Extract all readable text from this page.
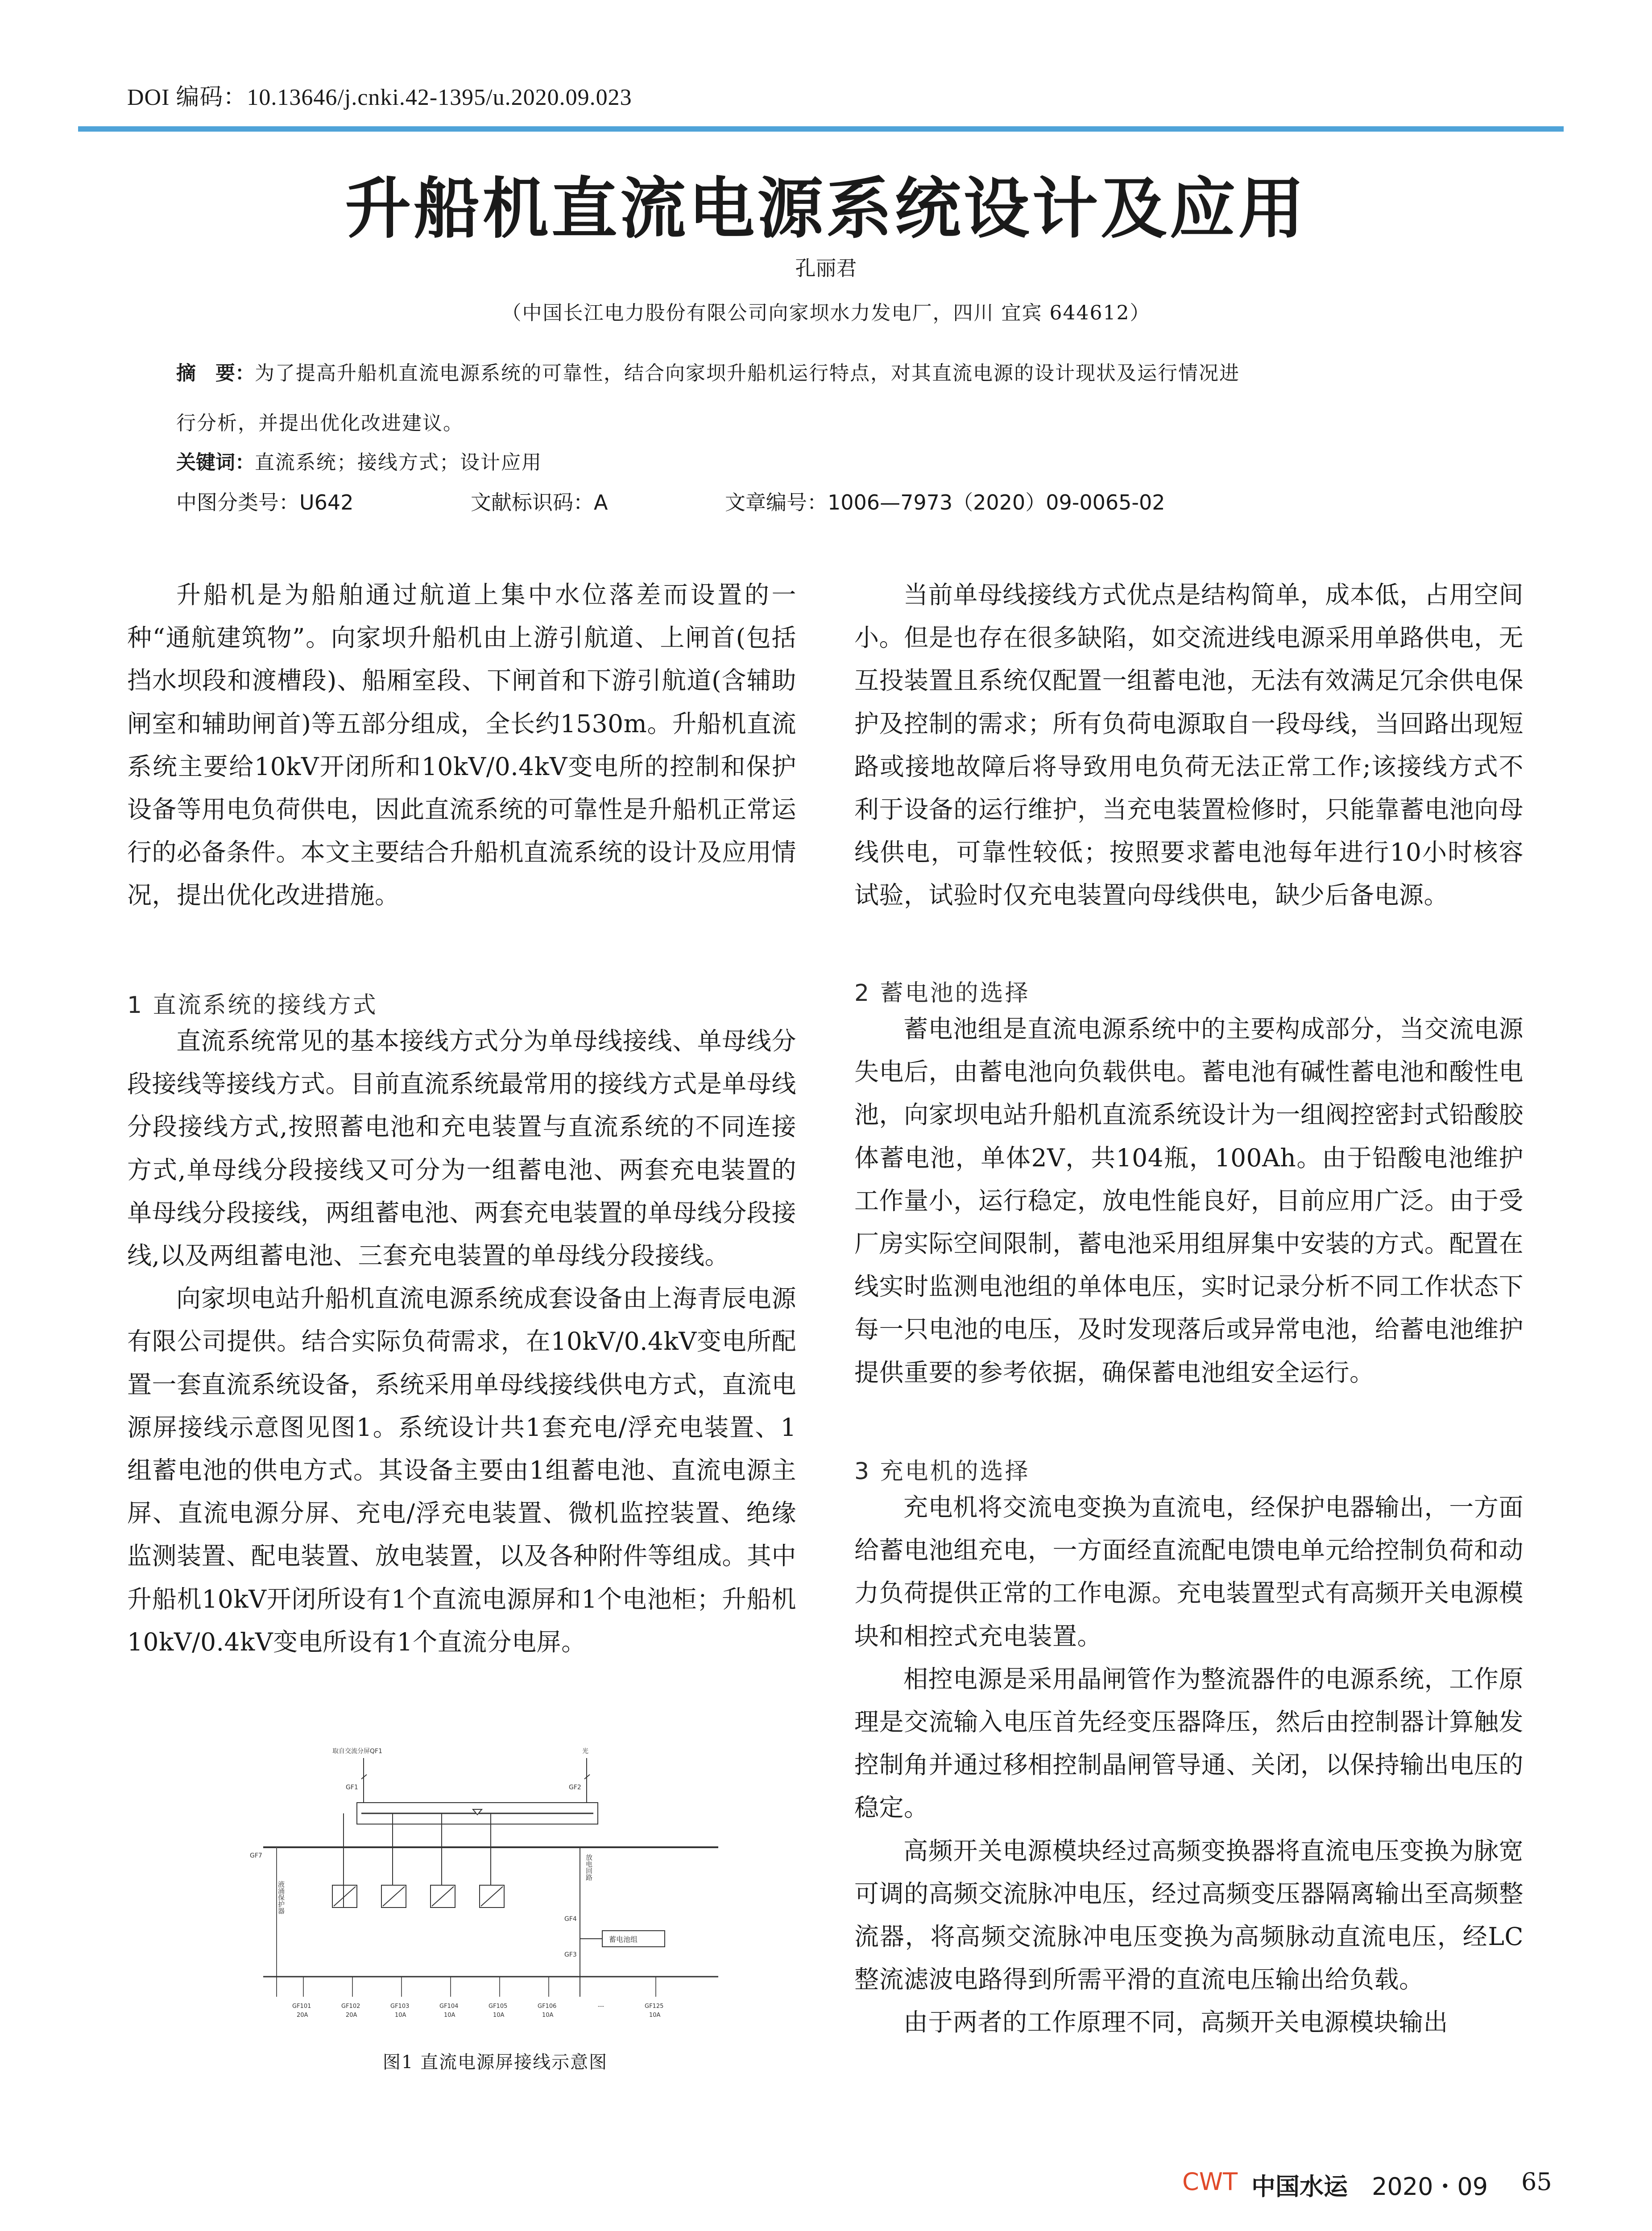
DOI 编码：10.13646/j.cnki.42-1395/u.2020.09.023
升船机直流电源系统设计及应用
孔丽君
（中国长江电力股份有限公司向家坝水力发电厂，四川 宜宾 644612）
摘　要：为了提高升船机直流电源系统的可靠性，结合向家坝升船机运行特点，对其直流电源的设计现状及运行情况进
行分析，并提出优化改进建议。
关键词：直流系统；接线方式；设计应用
中图分类号：U642	文献标识码：A	文章编号：1006—7973（2020）09-0065-02

升船机是为船舶通过航道上集中水位落差而设置的一种“通航建筑物”。向家坝升船机由上游引航道、上闸首(包括挡水坝段和渡槽段)、船厢室段、下闸首和下游引航道(含辅助闸室和辅助闸首)等五部分组成，全长约1530m。升船机直流系统主要给10kV开闭所和10kV/0.4kV变电所的控制和保护设备等用电负荷供电，因此直流系统的可靠性是升船机正常运行的必备条件。本文主要结合升船机直流系统的设计及应用情况，提出优化改进措施。

1 直流系统的接线方式

直流系统常见的基本接线方式分为单母线接线、单母线分段接线等接线方式。目前直流系统最常用的接线方式是单母线分段接线方式,按照蓄电池和充电装置与直流系统的不同连接方式,单母线分段接线又可分为一组蓄电池、两套充电装置的单母线分段接线，两组蓄电池、两套充电装置的单母线分段接线,以及两组蓄电池、三套充电装置的单母线分段接线。

向家坝电站升船机直流电源系统成套设备由上海青辰电源有限公司提供。结合实际负荷需求，在10kV/0.4kV变电所配置一套直流系统设备，系统采用单母线接线供电方式，直流电源屏接线示意图见图1。系统设计共1套充电/浮充电装置、1组蓄电池的供电方式。其设备主要由1组蓄电池、直流电源主屏、直流电源分屏、充电/浮充电装置、微机监控装置、绝缘监测装置、配电装置、放电装置，以及各种附件等组成。其中升船机10kV开闭所设有1个直流电源屏和1个电池柜；升船机10kV/0.4kV变电所设有1个直流分电屏。

取自交流分屏QF1	光
GF1	GF2
GF7
液涌保护器
放电回路
GF4
GF3
蓄电池组
GF101
20A
GF102
20A
GF103
10A
GF104
10A
GF105
10A
GF106
10A
---	GF125
10A
图1 直流电源屏接线示意图

当前单母线接线方式优点是结构简单，成本低，占用空间小。但是也存在很多缺陷，如交流进线电源采用单路供电，无互投装置且系统仅配置一组蓄电池，无法有效满足冗余供电保护及控制的需求；所有负荷电源取自一段母线，当回路出现短路或接地故障后将导致用电负荷无法正常工作;该接线方式不利于设备的运行维护，当充电装置检修时，只能靠蓄电池向母线供电，可靠性较低；按照要求蓄电池每年进行10小时核容试验，试验时仅充电装置向母线供电，缺少后备电源。

2 蓄电池的选择

蓄电池组是直流电源系统中的主要构成部分，当交流电源失电后，由蓄电池向负载供电。蓄电池有碱性蓄电池和酸性电池，向家坝电站升船机直流系统设计为一组阀控密封式铅酸胶体蓄电池，单体2V，共104瓶，100Ah。由于铅酸电池维护工作量小，运行稳定，放电性能良好，目前应用广泛。由于受厂房实际空间限制，蓄电池采用组屏集中安装的方式。配置在线实时监测电池组的单体电压，实时记录分析不同工作状态下每一只电池的电压，及时发现落后或异常电池，给蓄电池维护提供重要的参考依据，确保蓄电池组安全运行。

3 充电机的选择

充电机将交流电变换为直流电，经保护电器输出，一方面给蓄电池组充电，一方面经直流配电馈电单元给控制负荷和动力负荷提供正常的工作电源。充电装置型式有高频开关电源模块和相控式充电装置。

相控电源是采用晶闸管作为整流器件的电源系统，工作原理是交流输入电压首先经变压器降压，然后由控制器计算触发控制角并通过移相控制晶闸管导通、关闭，以保持输出电压的稳定。

高频开关电源模块经过高频变换器将直流电压变换为脉宽可调的高频交流脉冲电压，经过高频变压器隔离输出至高频整流器，将高频交流脉冲电压变换为高频脉动直流电压，经LC整流滤波电路得到所需平滑的直流电压输出给负载。

由于两者的工作原理不同，高频开关电源模块输出

CWT 中国水运 2020・09 65
